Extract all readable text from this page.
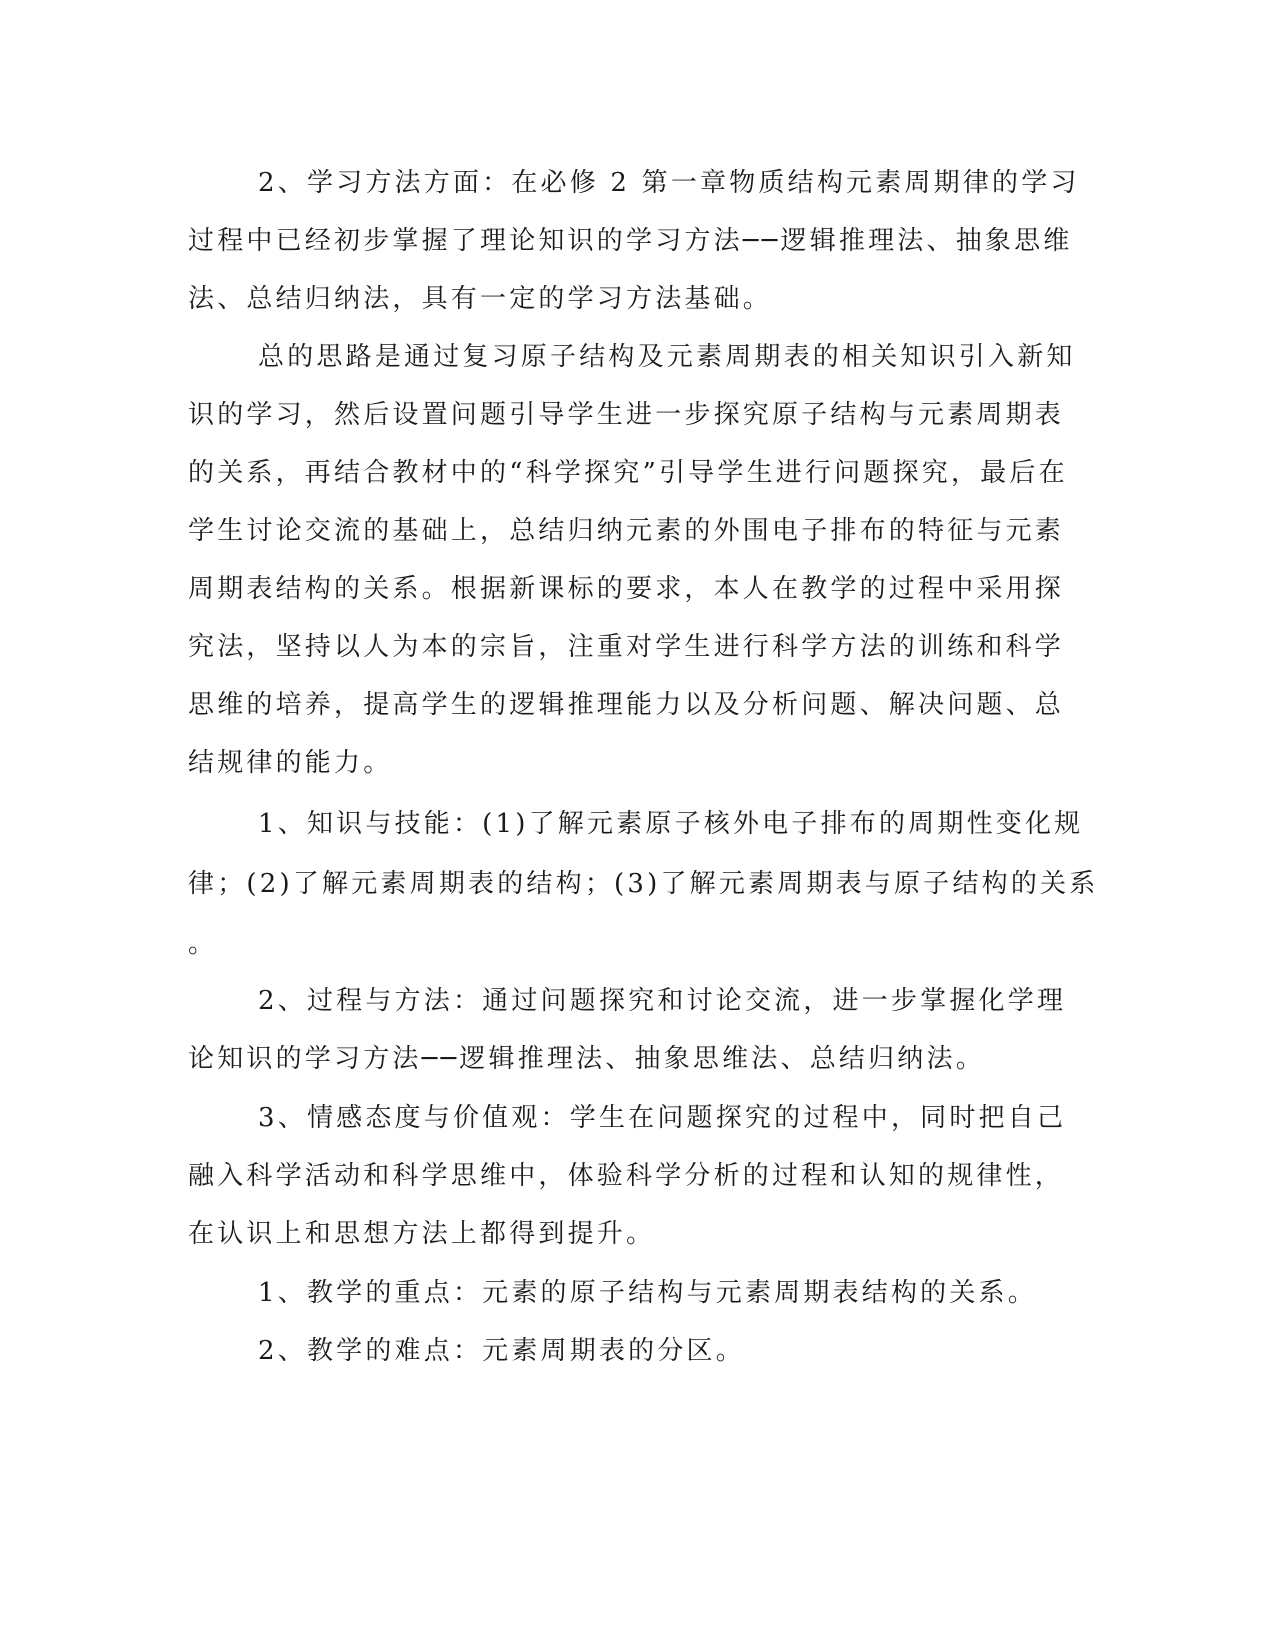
2、学习方法方面：在必修 2 第一章物质结构元素周期律的学习
过程中已经初步掌握了理论知识的学习方法──逻辑推理法、抽象思维
法、总结归纳法，具有一定的学习方法基础。
总的思路是通过复习原子结构及元素周期表的相关知识引入新知
识的学习，然后设置问题引导学生进一步探究原子结构与元素周期表
的关系，再结合教材中的“科学探究”引导学生进行问题探究，最后在
学生讨论交流的基础上，总结归纳元素的外围电子排布的特征与元素
周期表结构的关系。根据新课标的要求，本人在教学的过程中采用探
究法，坚持以人为本的宗旨，注重对学生进行科学方法的训练和科学
思维的培养，提高学生的逻辑推理能力以及分析问题、解决问题、总
结规律的能力。
1、知识与技能：(1)了解元素原子核外电子排布的周期性变化规
律；(2)了解元素周期表的结构；(3)了解元素周期表与原子结构的关系
。
2、过程与方法：通过问题探究和讨论交流，进一步掌握化学理
论知识的学习方法──逻辑推理法、抽象思维法、总结归纳法。
3、情感态度与价值观：学生在问题探究的过程中，同时把自己
融入科学活动和科学思维中，体验科学分析的过程和认知的规律性，
在认识上和思想方法上都得到提升。
1、教学的重点：元素的原子结构与元素周期表结构的关系。
2、教学的难点：元素周期表的分区。
